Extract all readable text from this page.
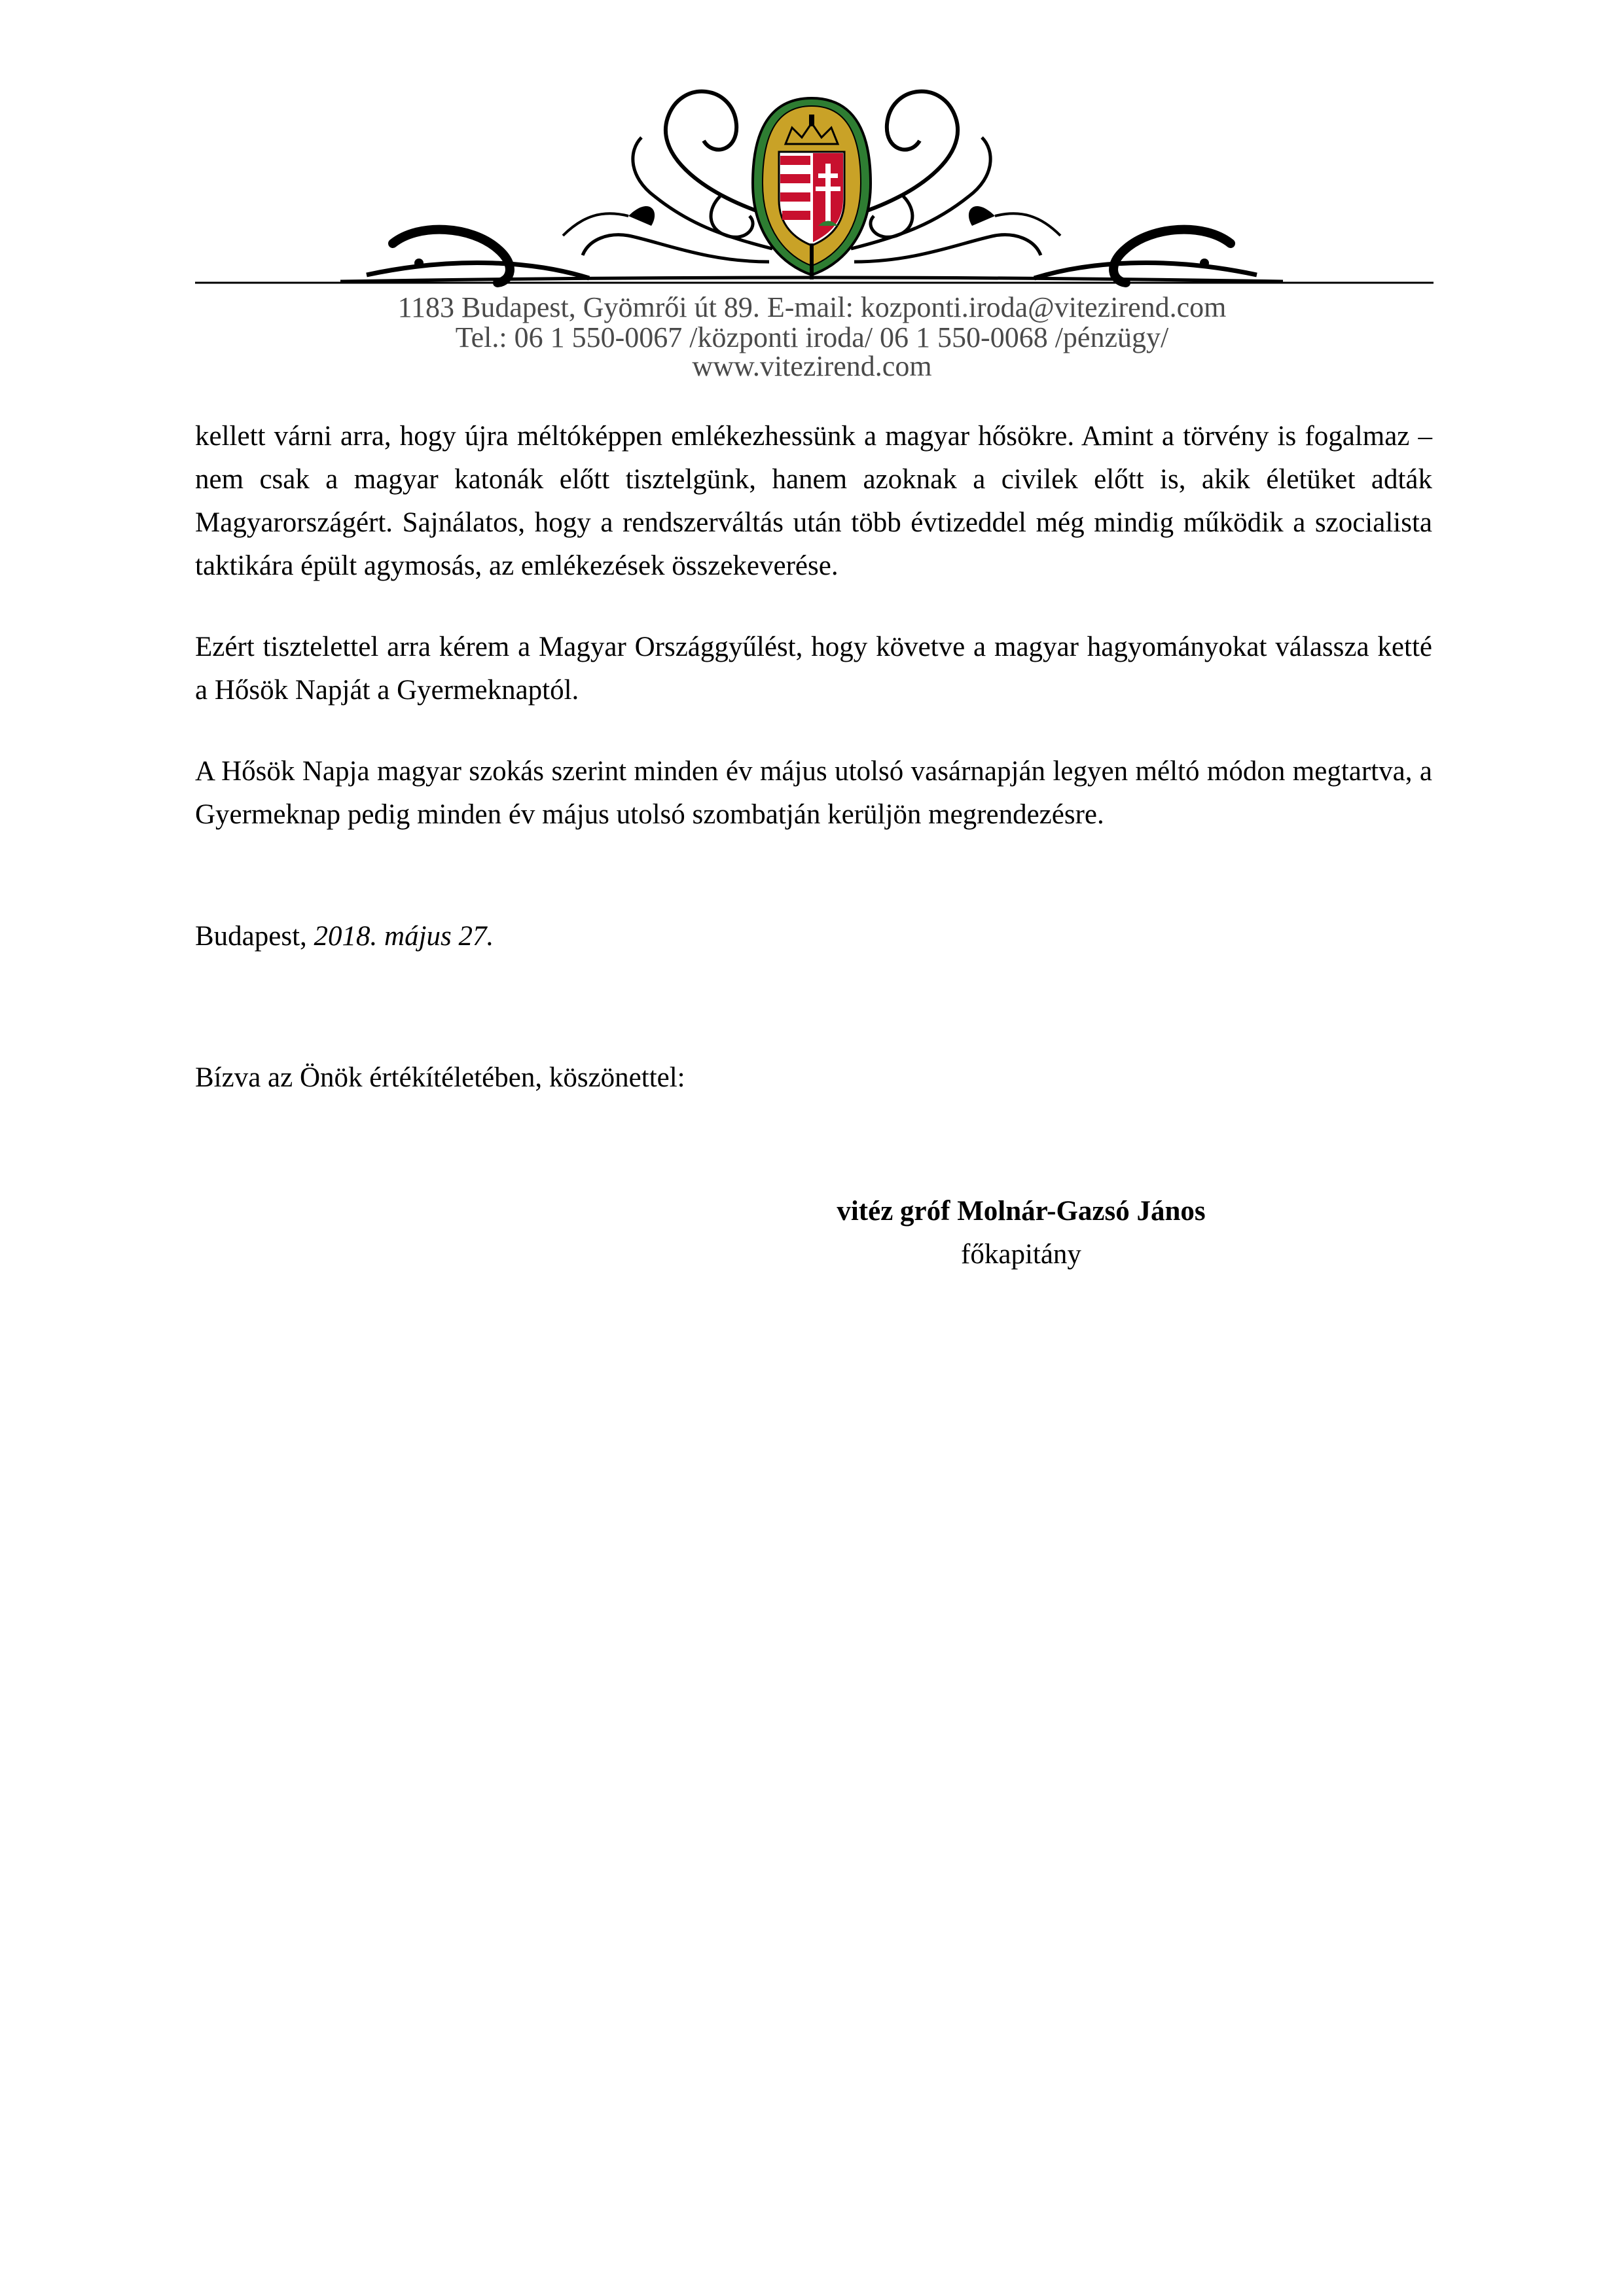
1183 Budapest, Gyömrői út 89. E-mail: kozponti.iroda@vitezirend.com
Tel.: 06 1 550-0067 /központi iroda/ 06 1 550-0068 /pénzügy/
www.vitezirend.com

kellett várni arra, hogy újra méltóképpen emlékezhessünk a magyar hősökre. Amint a törvény is fogalmaz – nem csak a magyar katonák előtt tisztelgünk, hanem azoknak a civilek előtt is, akik életüket adták Magyarországért. Sajnálatos, hogy a rendszerváltás után több évtizeddel még mindig működik a szocialista taktikára épült agymosás, az emlékezések összekeverése.

Ezért tisztelettel arra kérem a Magyar Országgyűlést, hogy követve a magyar hagyományokat válassza ketté a Hősök Napját a Gyermeknaptól.

A Hősök Napja magyar szokás szerint minden év május utolsó vasárnapján legyen méltó módon megtartva, a Gyermeknap pedig minden év május utolsó szombatján kerüljön megrendezésre.

Budapest, 2018. május 27.
Bízva az Önök értékítéletében, köszönettel:
vitéz gróf Molnár-Gazsó János
főkapitány
